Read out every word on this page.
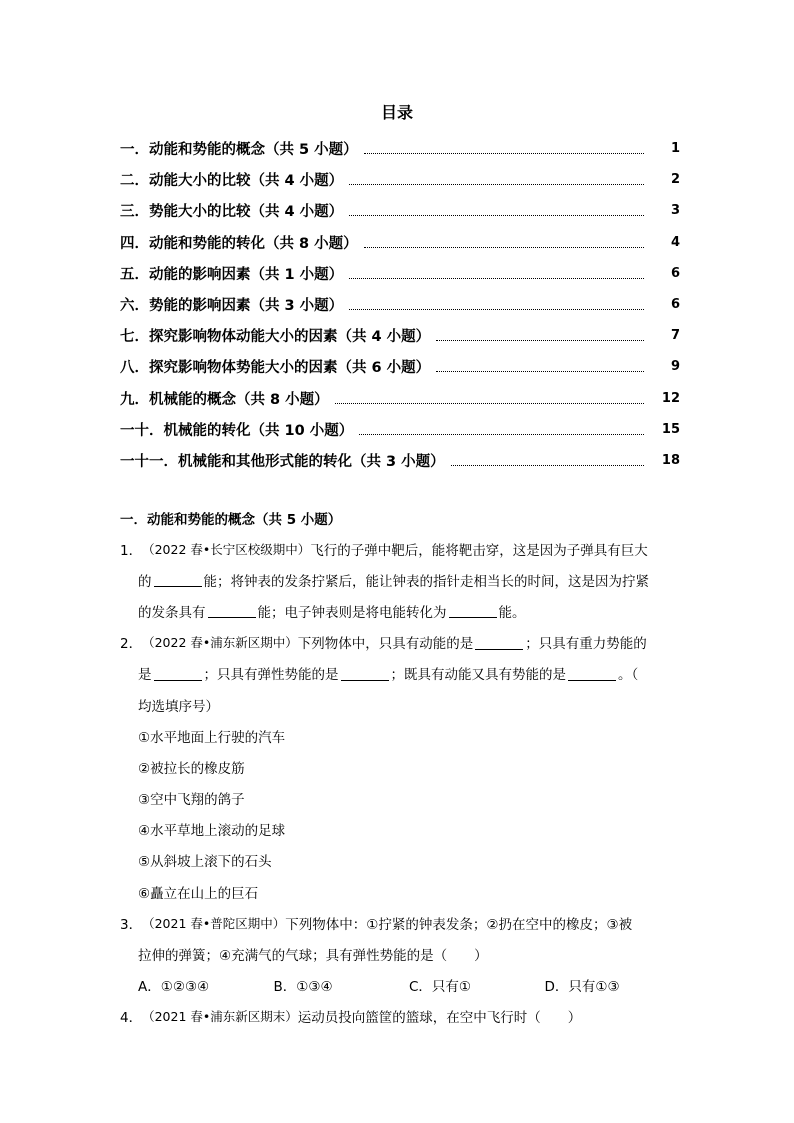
目录
一．动能和势能的概念（共 5 小题）	1
二．动能大小的比较（共 4 小题）	2
三．势能大小的比较（共 4 小题）	3
四．动能和势能的转化（共 8 小题）	4
五．动能的影响因素（共 1 小题）	6
六．势能的影响因素（共 3 小题）	6
七．探究影响物体动能大小的因素（共 4 小题）	7
八．探究影响物体势能大小的因素（共 6 小题）	9
九．机械能的概念（共 8 小题）	12
一十．机械能的转化（共 10 小题）	15
一十一．机械能和其他形式能的转化（共 3 小题）	18
一．动能和势能的概念（共 5 小题）
1． （2022 春•长宁区校级期中） 飞行的子弹中靶后，能将靶击穿，这是因为子弹具有巨大
的	能；将钟表的发条拧紧后，能让钟表的指针走相当长的时间，这是因为拧紧
的发条具有	能；电子钟表则是将电能转化为	能。
2． （2022 春•浦东新区期中） 下列物体中，只具有动能的是	；只具有重力势能的
是	；只具有弹性势能的是	；既具有动能又具有势能的是	。（
均选填序号）
①水平地面上行驶的汽车
②被拉长的橡皮筋
③空中飞翔的鸽子
④水平草地上滚动的足球
⑤从斜坡上滚下的石头
⑥矗立在山上的巨石
3． （2021 春•普陀区期中） 下列物体中：①拧紧的钟表发条；②扔在空中的橡皮；③被
拉伸的弹簧；④充满气的气球；具有弹性势能的是（　　）
A．①②③④	B．①③④	C．只有①	D．只有①③
4． （2021 春•浦东新区期末） 运动员投向篮筐的篮球，在空中飞行时（　　）
